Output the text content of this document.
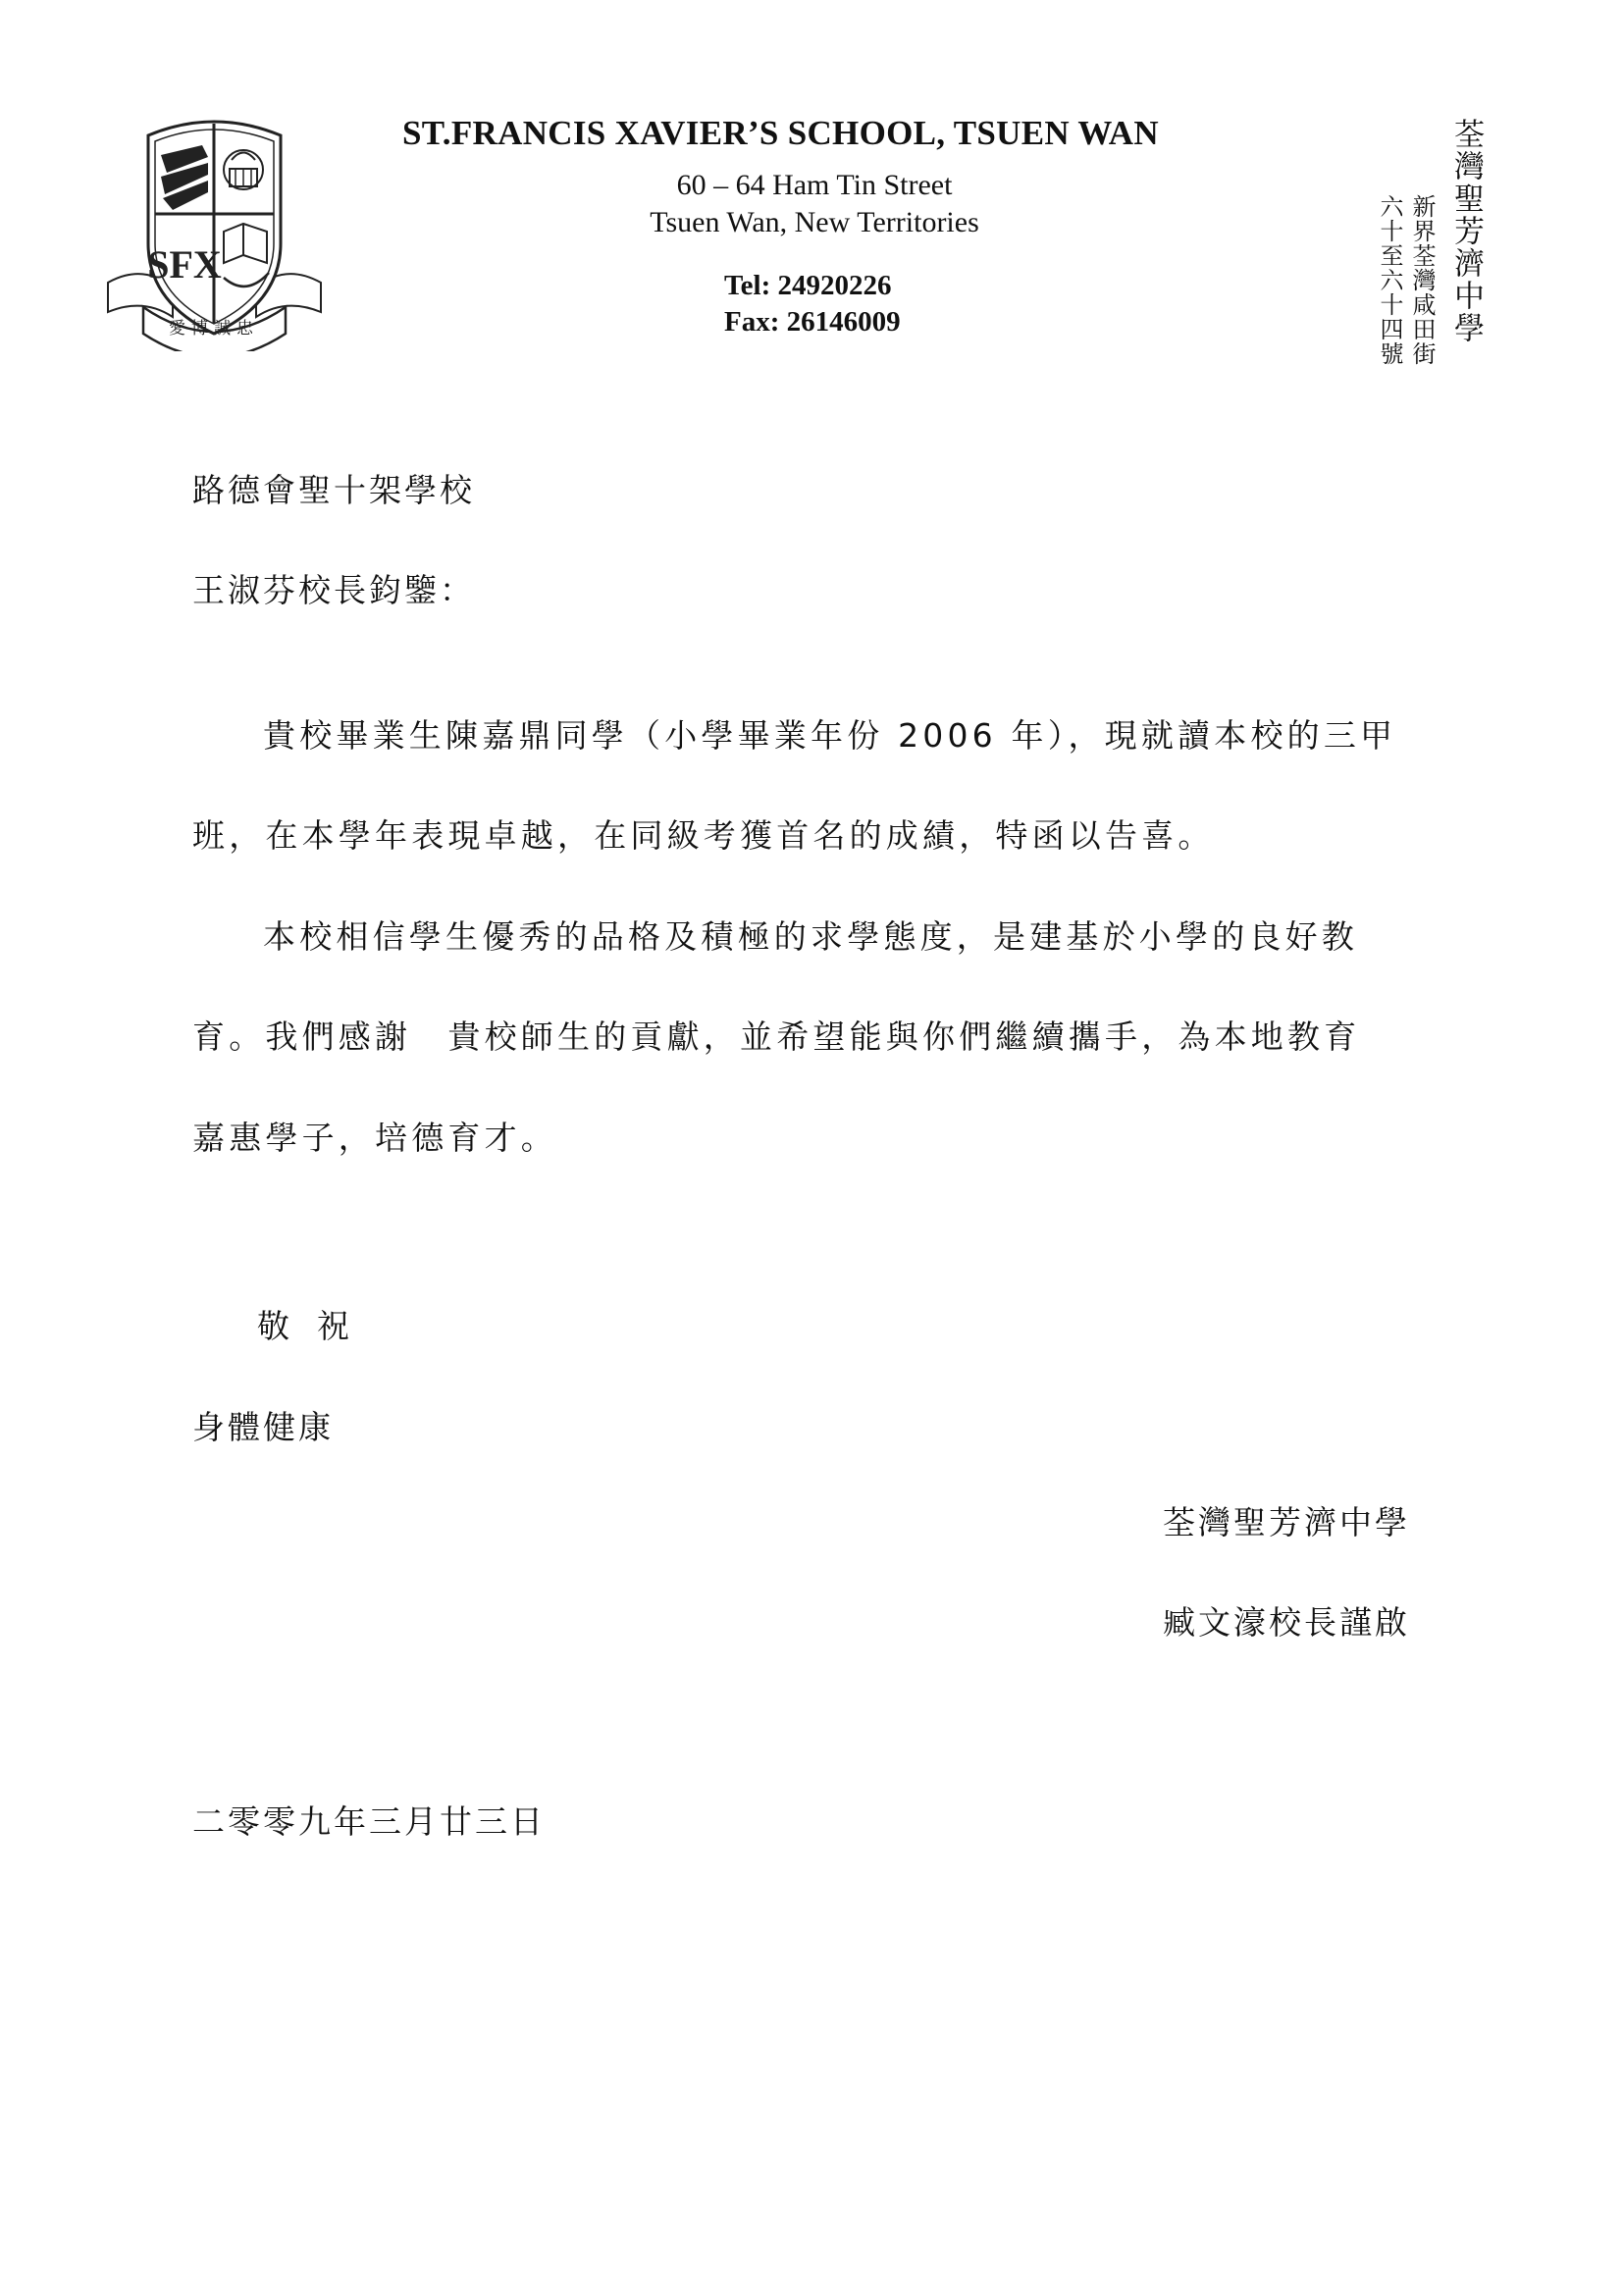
SFX
愛博誠忠
ST.FRANCIS XAVIER’S SCHOOL, TSUEN WAN
60 – 64 Ham Tin Street
Tsuen Wan, New Territories
Tel: 24920226
Fax: 26146009	荃灣聖芳濟中學
新界荃灣咸田街
六十至六十四號
路德會聖十架學校
王淑芬校長鈞鑒：
貴校畢業生陳嘉鼎同學（小學畢業年份 2006 年），現就讀本校的三甲
班，在本學年表現卓越，在同級考獲首名的成績，特函以告喜。
本校相信學生優秀的品格及積極的求學態度，是建基於小學的良好教
育。我們感謝　貴校師生的貢獻，並希望能與你們繼續攜手，為本地教育
嘉惠學子，培德育才。
敬祝
身體健康
荃灣聖芳濟中學
臧文濠校長謹啟
二零零九年三月廿三日
